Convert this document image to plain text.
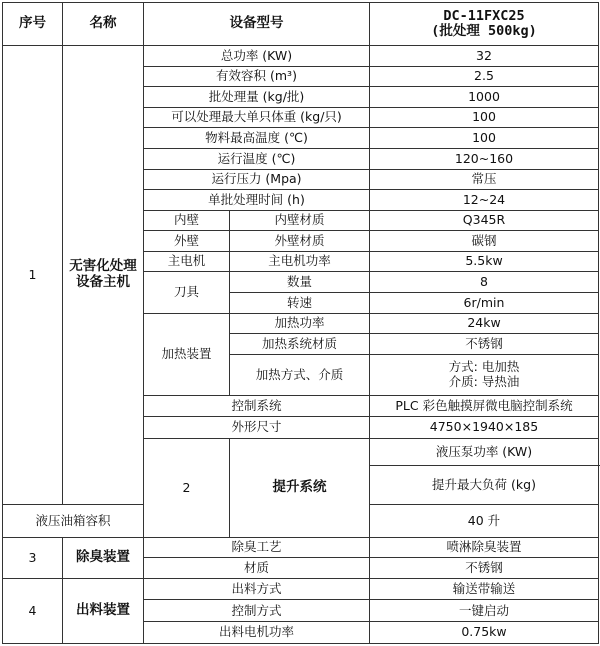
序号	名称	设备型号		DC-11FXC25
(批处理 500kg)	

1	无害化处理
设备主机	总功率 (KW)		32	
		有效容积 (m³)		2.5	
		批处理量 (kg/批)		1000	
		可以处理最大单只体重 (kg/只)		100	
		物料最高温度 (℃)		100	
		运行温度 (℃)		120~160	
		运行压力 (Mpa)		常压	
		单批处理时间 (h)		12~24	
		内壁	内壁材质	Q345R	
		外壁	外壁材质	碳钢	
		主电机	主电机功率	5.5kw	
		刀具	数量	8	
			转速	6r/min	
		加热装置	加热功率	24kw	
			加热系统材质	不锈钢	
			加热方式、介质	方式: 电加热
介质: 导热油	

		控制系统		PLC 彩色触摸屏微电脑控制系统	
		外形尺寸		4750×1940×185	
		2	提升系统	液压泵功率 (KW)	
				提升最大负荷 (kg)	
液压油箱容积				40 升	
3	除臭装置	除臭工艺		喷淋除臭装置	
		材质		不锈钢	
4	出料装置	出料方式		输送带输送	
		控制方式		一键启动	
		出料电机功率		0.75kw	
